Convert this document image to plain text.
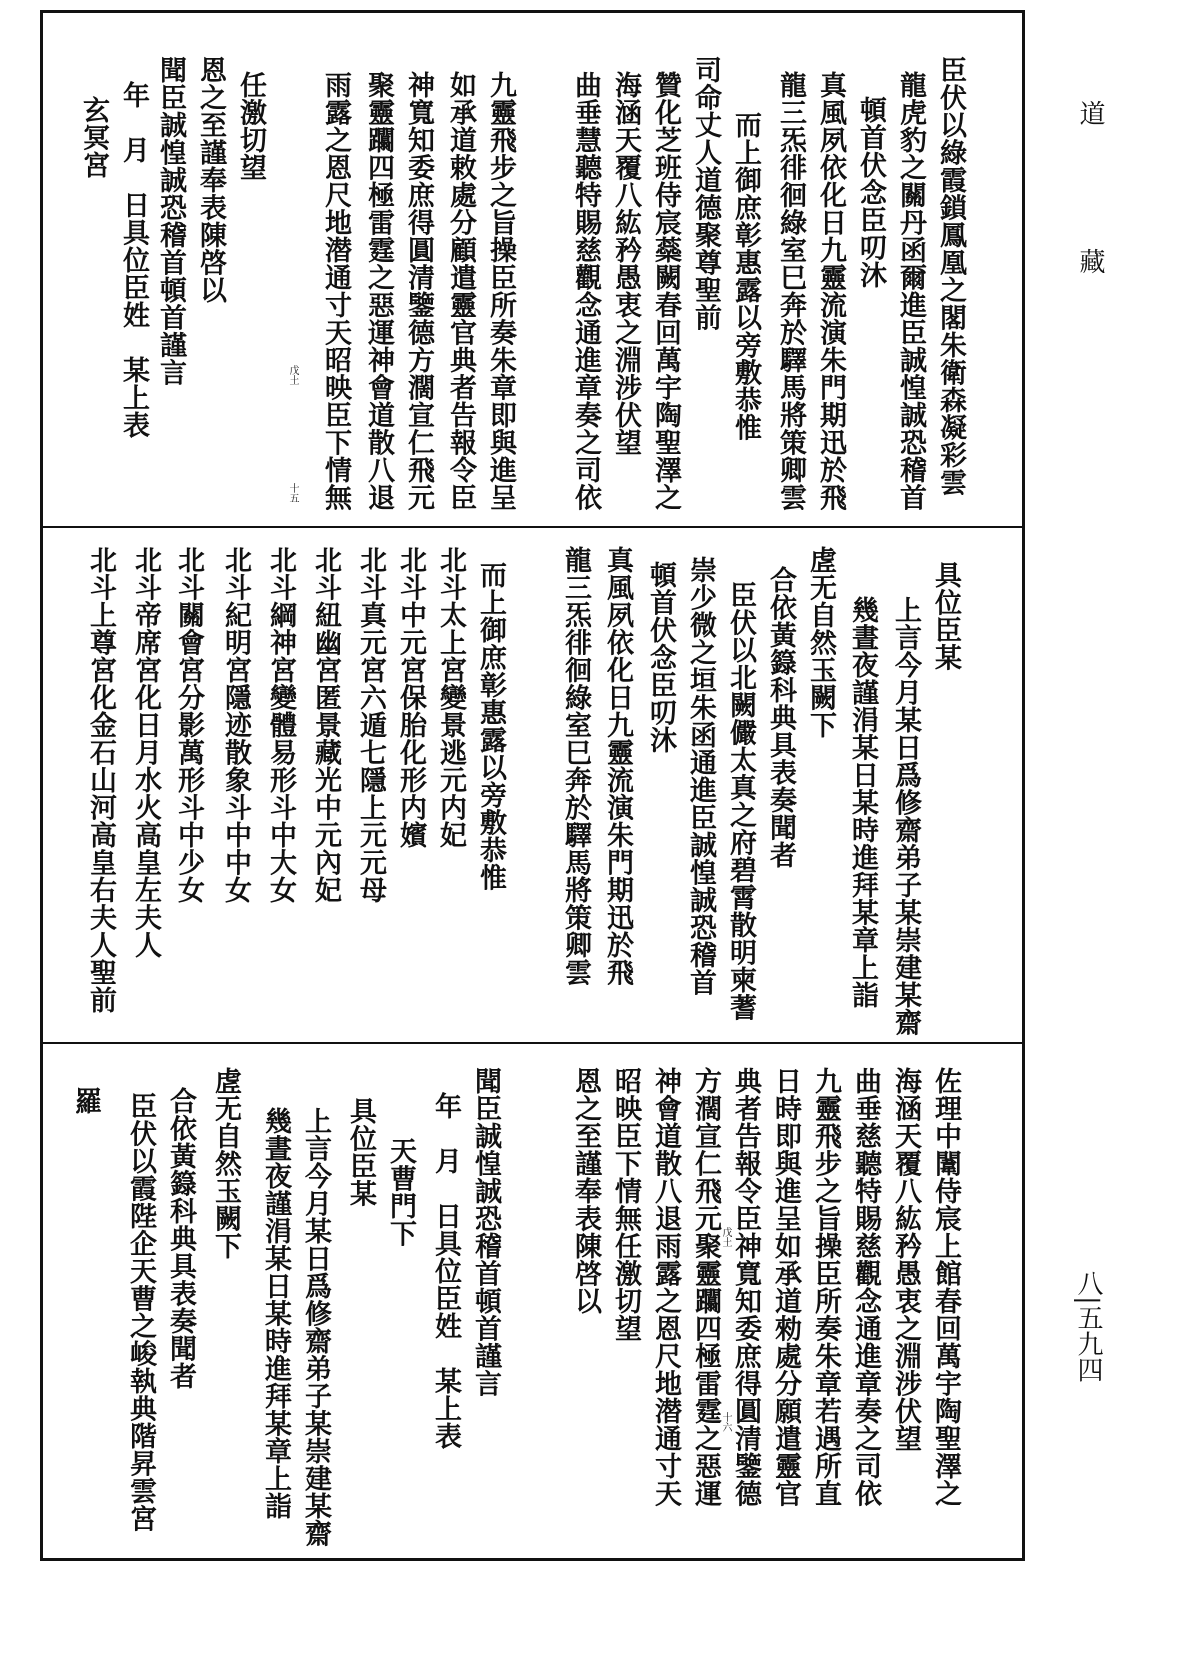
臣伏以綠霞鎖鳳凰之閣朱衛森凝彩雲
龍虎豹之關丹函爾進臣誠惶誠恐稽首
頓首伏念臣叨沐
真風夙依化日九靈流演朱門期迅於飛
龍三炁徘徊綠室巳奔於驛馬將策卿雲
而上御庶彰惠露以旁敷恭惟
司命丈人道德聚尊聖前
贊化芝班侍宸蘂闕春回萬宇陶聖澤之
海涵天覆八紘矜愚衷之淵涉伏望
曲垂慧聽特賜慈觀念通進章奏之司依
九靈飛步之旨操臣所奏朱章即與進呈
如承道敕處分顧遣靈官典者告報令臣
神寬知委庶得圓清鑒德方濶宣仁飛元
聚靈躢四極雷霆之惡運神會道散八退
雨露之恩尺地潜通寸天昭映臣下情無
任激切望
恩之至謹奉表陳啓以
聞臣誠惶誠恐稽首頓首謹言
年　月　日具位臣姓　某上表
玄冥宮
戊土
十五
具位臣某
上言今月某日爲修齋弟子某崇建某齋
幾晝夜謹涓某日某時進拜某章上詣
虗无自然玉闕下
合依黃籙科典具表奏聞者
臣伏以北闕儼太真之府碧霄散明柬蓍
崇少微之垣朱函通進臣誠惶誠恐稽首
頓首伏念臣叨沐
真風夙依化日九靈流演朱門期迅於飛
龍三炁徘徊綠室巳奔於驛馬將策卿雲
而上御庶彰惠露以旁敷恭惟
北斗太上宮變景逃元内妃
北斗中元宮保胎化形内嬪
北斗真元宮六遁七隱上元元母
北斗紐幽宮匿景藏光中元內妃
北斗綱神宮變體易形斗中大女
北斗紀明宮隱迹散象斗中中女
北斗關會宮分影萬形斗中少女
北斗帝席宮化日月水火高皇左夫人
北斗上尊宮化金石山河高皇右夫人聖前
佐理中闈侍宸上館春回萬宇陶聖澤之
海涵天覆八紘矜愚衷之淵涉伏望
曲垂慈聽特賜慈觀念通進章奏之司依
九靈飛步之旨操臣所奏朱章若遇所直
日時即與進呈如承道勑處分願遣靈官
典者告報令臣神寬知委庶得圓清鑒德
方濶宣仁飛元聚靈躢四極雷霆之惡運
神會道散八退雨露之恩尺地潜通寸天
昭映臣下情無任激切望
恩之至謹奉表陳啓以
聞臣誠惶誠恐稽首頓首謹言
年　月　日具位臣姓　某上表
天曹門下
具位臣某
上言今月某日爲修齋弟子某崇建某齋
幾晝夜謹涓某日某時進拜某章上詣
虗无自然玉闕下
合依黃籙科典具表奏聞者
臣伏以霞陛企天曹之峻執典階昇雲宮
羅
戊土
十六
道
藏
八|五九四
